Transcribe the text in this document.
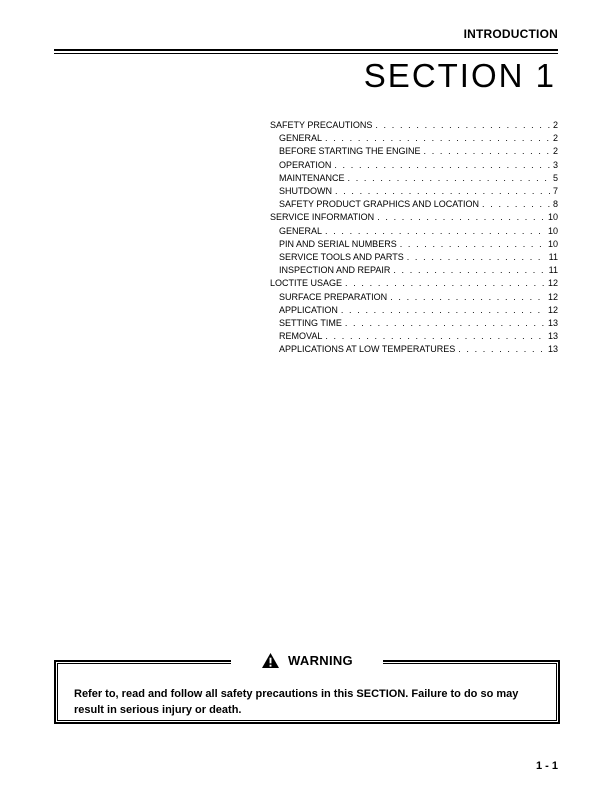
INTRODUCTION
SECTION 1
SAFETY PRECAUTIONS . . .	2
GENERAL . . .	2
BEFORE STARTING THE ENGINE . . .	2
OPERATION . . .	3
MAINTENANCE . . .	5
SHUTDOWN . . .	7
SAFETY PRODUCT GRAPHICS AND LOCATION . . .	8
SERVICE INFORMATION . . .	10
GENERAL . . .	10
PIN AND SERIAL NUMBERS . . .	10
SERVICE TOOLS AND PARTS . . .	11
INSPECTION AND REPAIR . . .	11
LOCTITE USAGE . . .	12
SURFACE PREPARATION . . .	12
APPLICATION . . .	12
SETTING TIME . . .	13
REMOVAL . . .	13
APPLICATIONS AT LOW TEMPERATURES . . .	13
WARNING
Refer to, read and follow all safety precautions in this SECTION. Failure to do so may result in serious injury or death.
1 - 1
